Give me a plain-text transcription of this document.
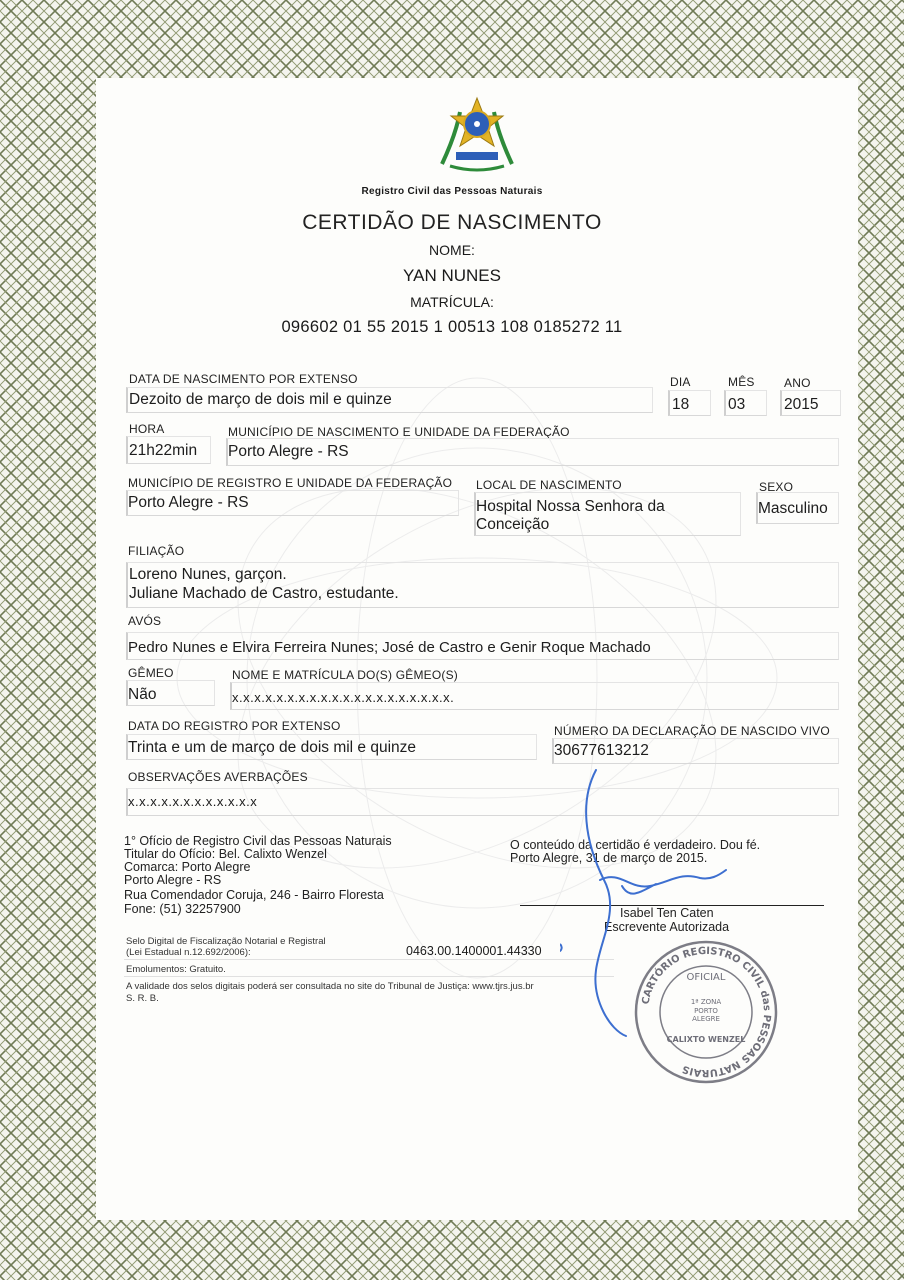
Registro Civil das Pessoas Naturais
CERTIDÃO DE NASCIMENTO
NOME:
YAN NUNES
MATRÍCULA:
096602 01 55 2015 1 00513 108 0185272 11
DATA DE NASCIMENTO POR EXTENSO
Dezoito de março de dois mil e quinze
DIA
18
MÊS
03
ANO
2015
HORA
21h22min
MUNICÍPIO DE NASCIMENTO E UNIDADE DA FEDERAÇÃO
Porto Alegre - RS
MUNICÍPIO DE REGISTRO E UNIDADE DA FEDERAÇÃO
Porto Alegre - RS
LOCAL DE NASCIMENTO
Hospital Nossa Senhora da
Conceição
SEXO
Masculino
FILIAÇÃO
Loreno Nunes, garçon.
Juliane Machado de Castro, estudante.
AVÓS
Pedro Nunes e Elvira Ferreira Nunes; José de Castro e Genir Roque Machado
GÊMEO
Não
NOME E MATRÍCULA DO(S) GÊMEO(S)
x.x.x.x.x.x.x.x.x.x.x.x.x.x.x.x.x.x.x.x.
DATA DO REGISTRO POR EXTENSO
Trinta e um de março de dois mil e quinze
NÚMERO DA DECLARAÇÃO DE NASCIDO VIVO
30677613212
OBSERVAÇÕES AVERBAÇÕES
x.x.x.x.x.x.x.x.x.x.x.x
1° Ofício de Registro Civil das Pessoas Naturais
Titular do Ofício: Bel. Calixto Wenzel
Comarca: Porto Alegre
Porto Alegre - RS
Rua Comendador Coruja, 246 - Bairro Floresta
Fone: (51) 32257900
O conteúdo da certidão é verdadeiro. Dou fé.
Porto Alegre, 31 de março de 2015.
Isabel Ten Caten
Escrevente Autorizada
Selo Digital de Fiscalização Notarial e Registral
(Lei Estadual n.12.692/2006):	0463.00.1400001.44330
Emolumentos: Gratuito.
A validade dos selos digitais poderá ser consultada no site do Tribunal de Justiça: www.tjrs.jus.br
S. R. B.	CARTÓRIO REGISTRO CIVIL das PESSOAS NATURAIS
OFICIAL
1ª ZONA
PORTO
ALEGRE
CALIXTO WENZEL
